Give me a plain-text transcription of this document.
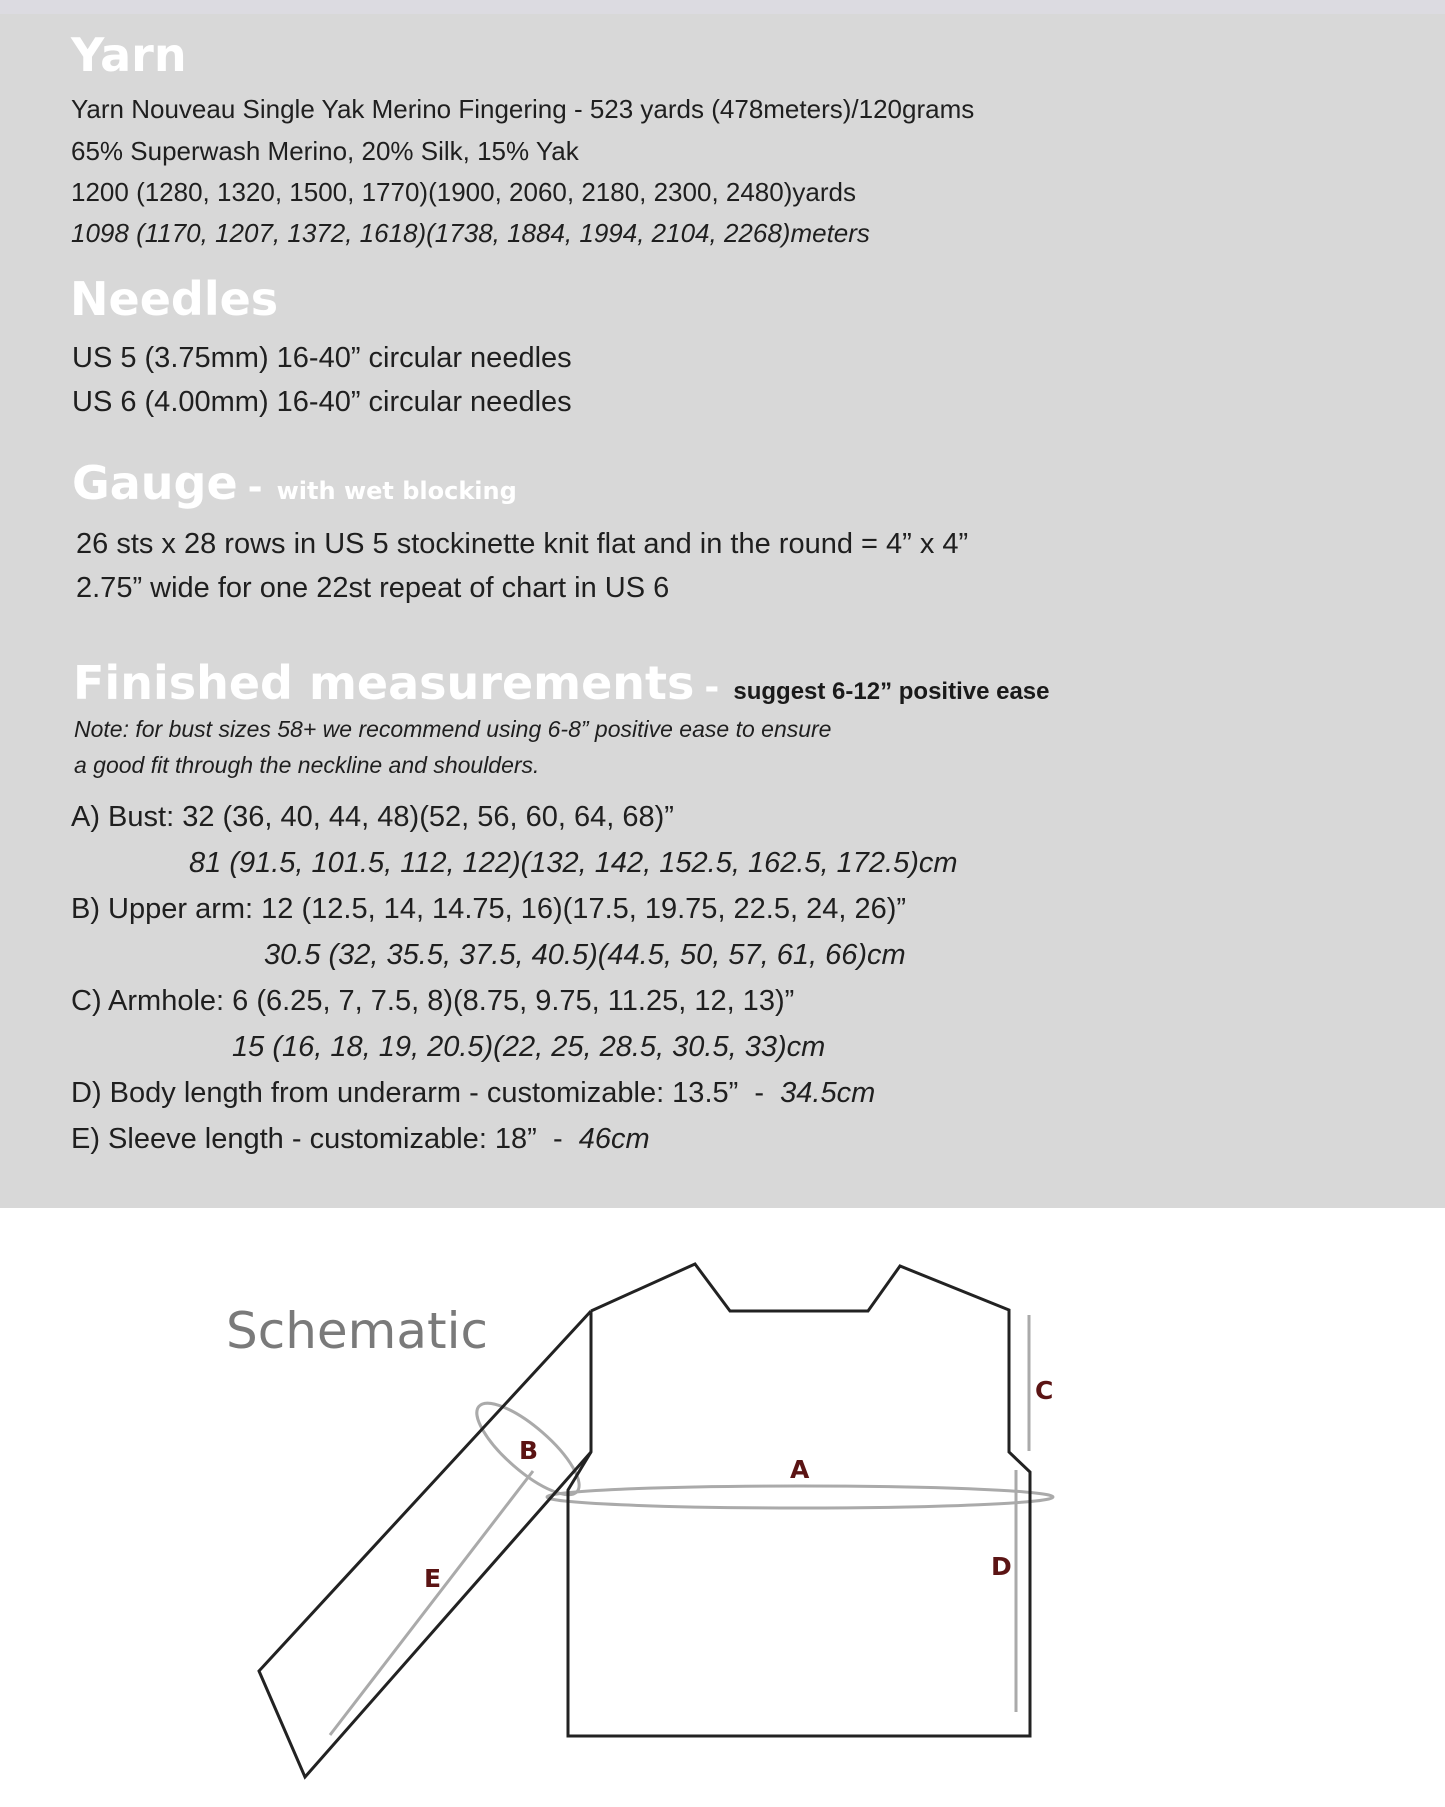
Yarn

Yarn Nouveau Single Yak Merino Fingering - 523 yards (478meters)/120grams

65% Superwash Merino, 20% Silk, 15% Yak

1200 (1280, 1320, 1500, 1770)(1900, 2060, 2180, 2300, 2480)yards

1098 (1170, 1207, 1372, 1618)(1738, 1884, 1994, 2104, 2268)meters

Needles

US 5 (3.75mm) 16-40” circular needles

US 6 (4.00mm) 16-40” circular needles

Gauge - with wet blocking

26 sts x 28 rows in US 5 stockinette knit flat and in the round = 4” x 4”

2.75” wide for one 22st repeat of chart in US 6

Finished measurements - suggest 6-12” positive ease

Note: for bust sizes 58+ we recommend using 6-8” positive ease to ensure

a good fit through the neckline and shoulders.

A) Bust: 32 (36, 40, 44, 48)(52, 56, 60, 64, 68)”

81 (91.5, 101.5, 112, 122)(132, 142, 152.5, 162.5, 172.5)cm

B) Upper arm: 12 (12.5, 14, 14.75, 16)(17.5, 19.75, 22.5, 24, 26)”

30.5 (32, 35.5, 37.5, 40.5)(44.5, 50, 57, 61, 66)cm

C) Armhole: 6 (6.25, 7, 7.5, 8)(8.75, 9.75, 11.25, 12, 13)”

15 (16, 18, 19, 20.5)(22, 25, 28.5, 30.5, 33)cm

D) Body length from underarm - customizable: 13.5”  -  34.5cm

E) Sleeve length - customizable: 18”  -  46cm

Schematic

A
B
C
D
E
